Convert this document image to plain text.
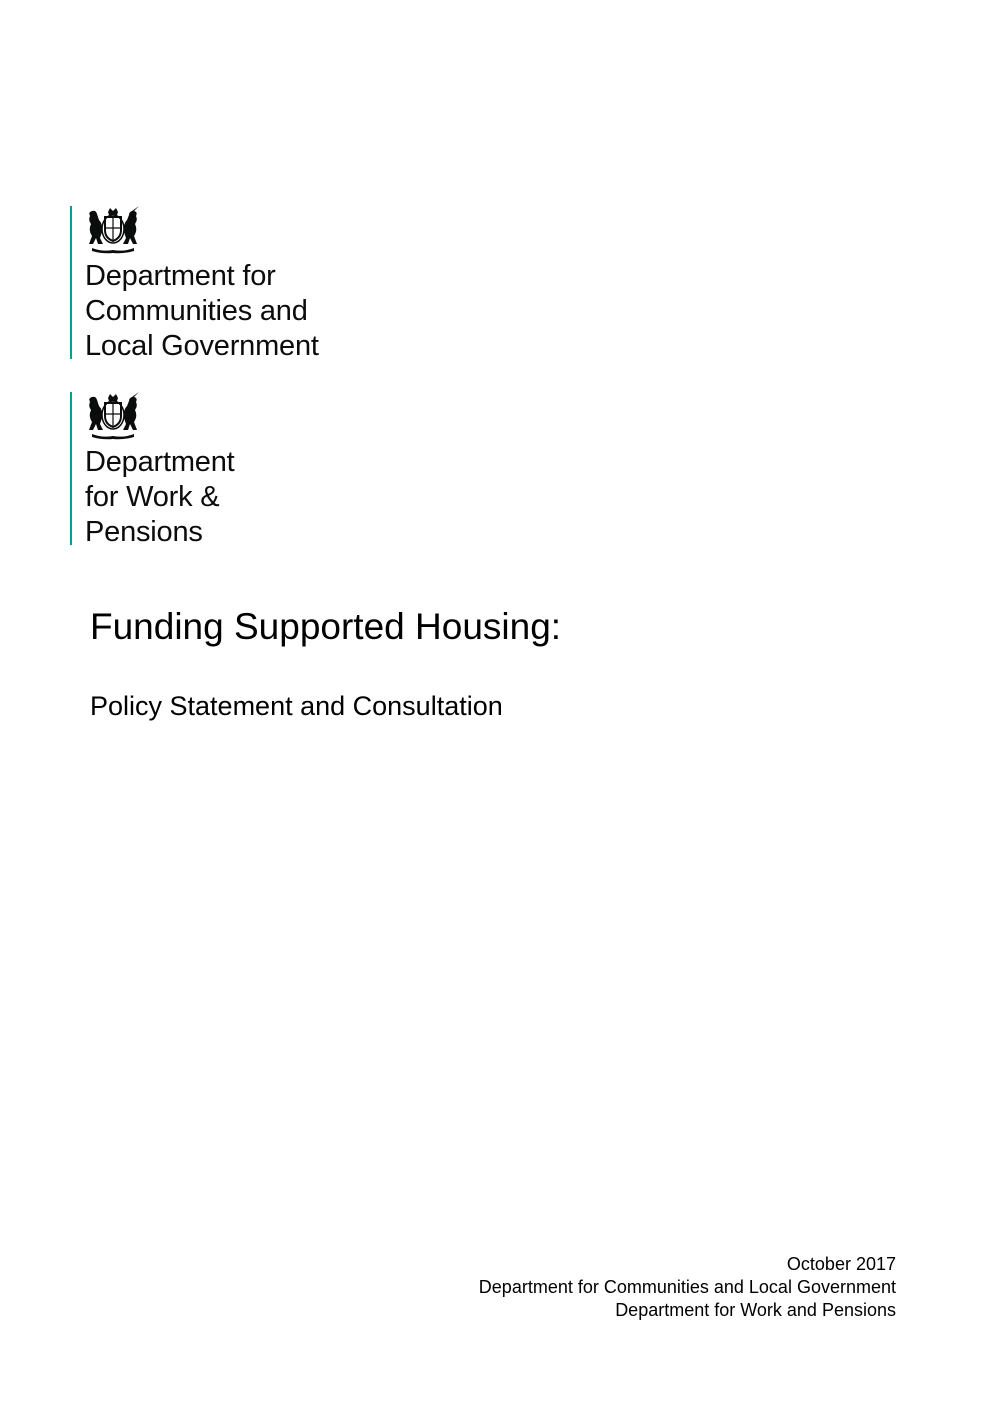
Department for
Communities and
Local Government
Department
for Work &
Pensions
Funding Supported Housing:
Policy Statement and Consultation
October 2017
Department for Communities and Local Government
Department for Work and Pensions
